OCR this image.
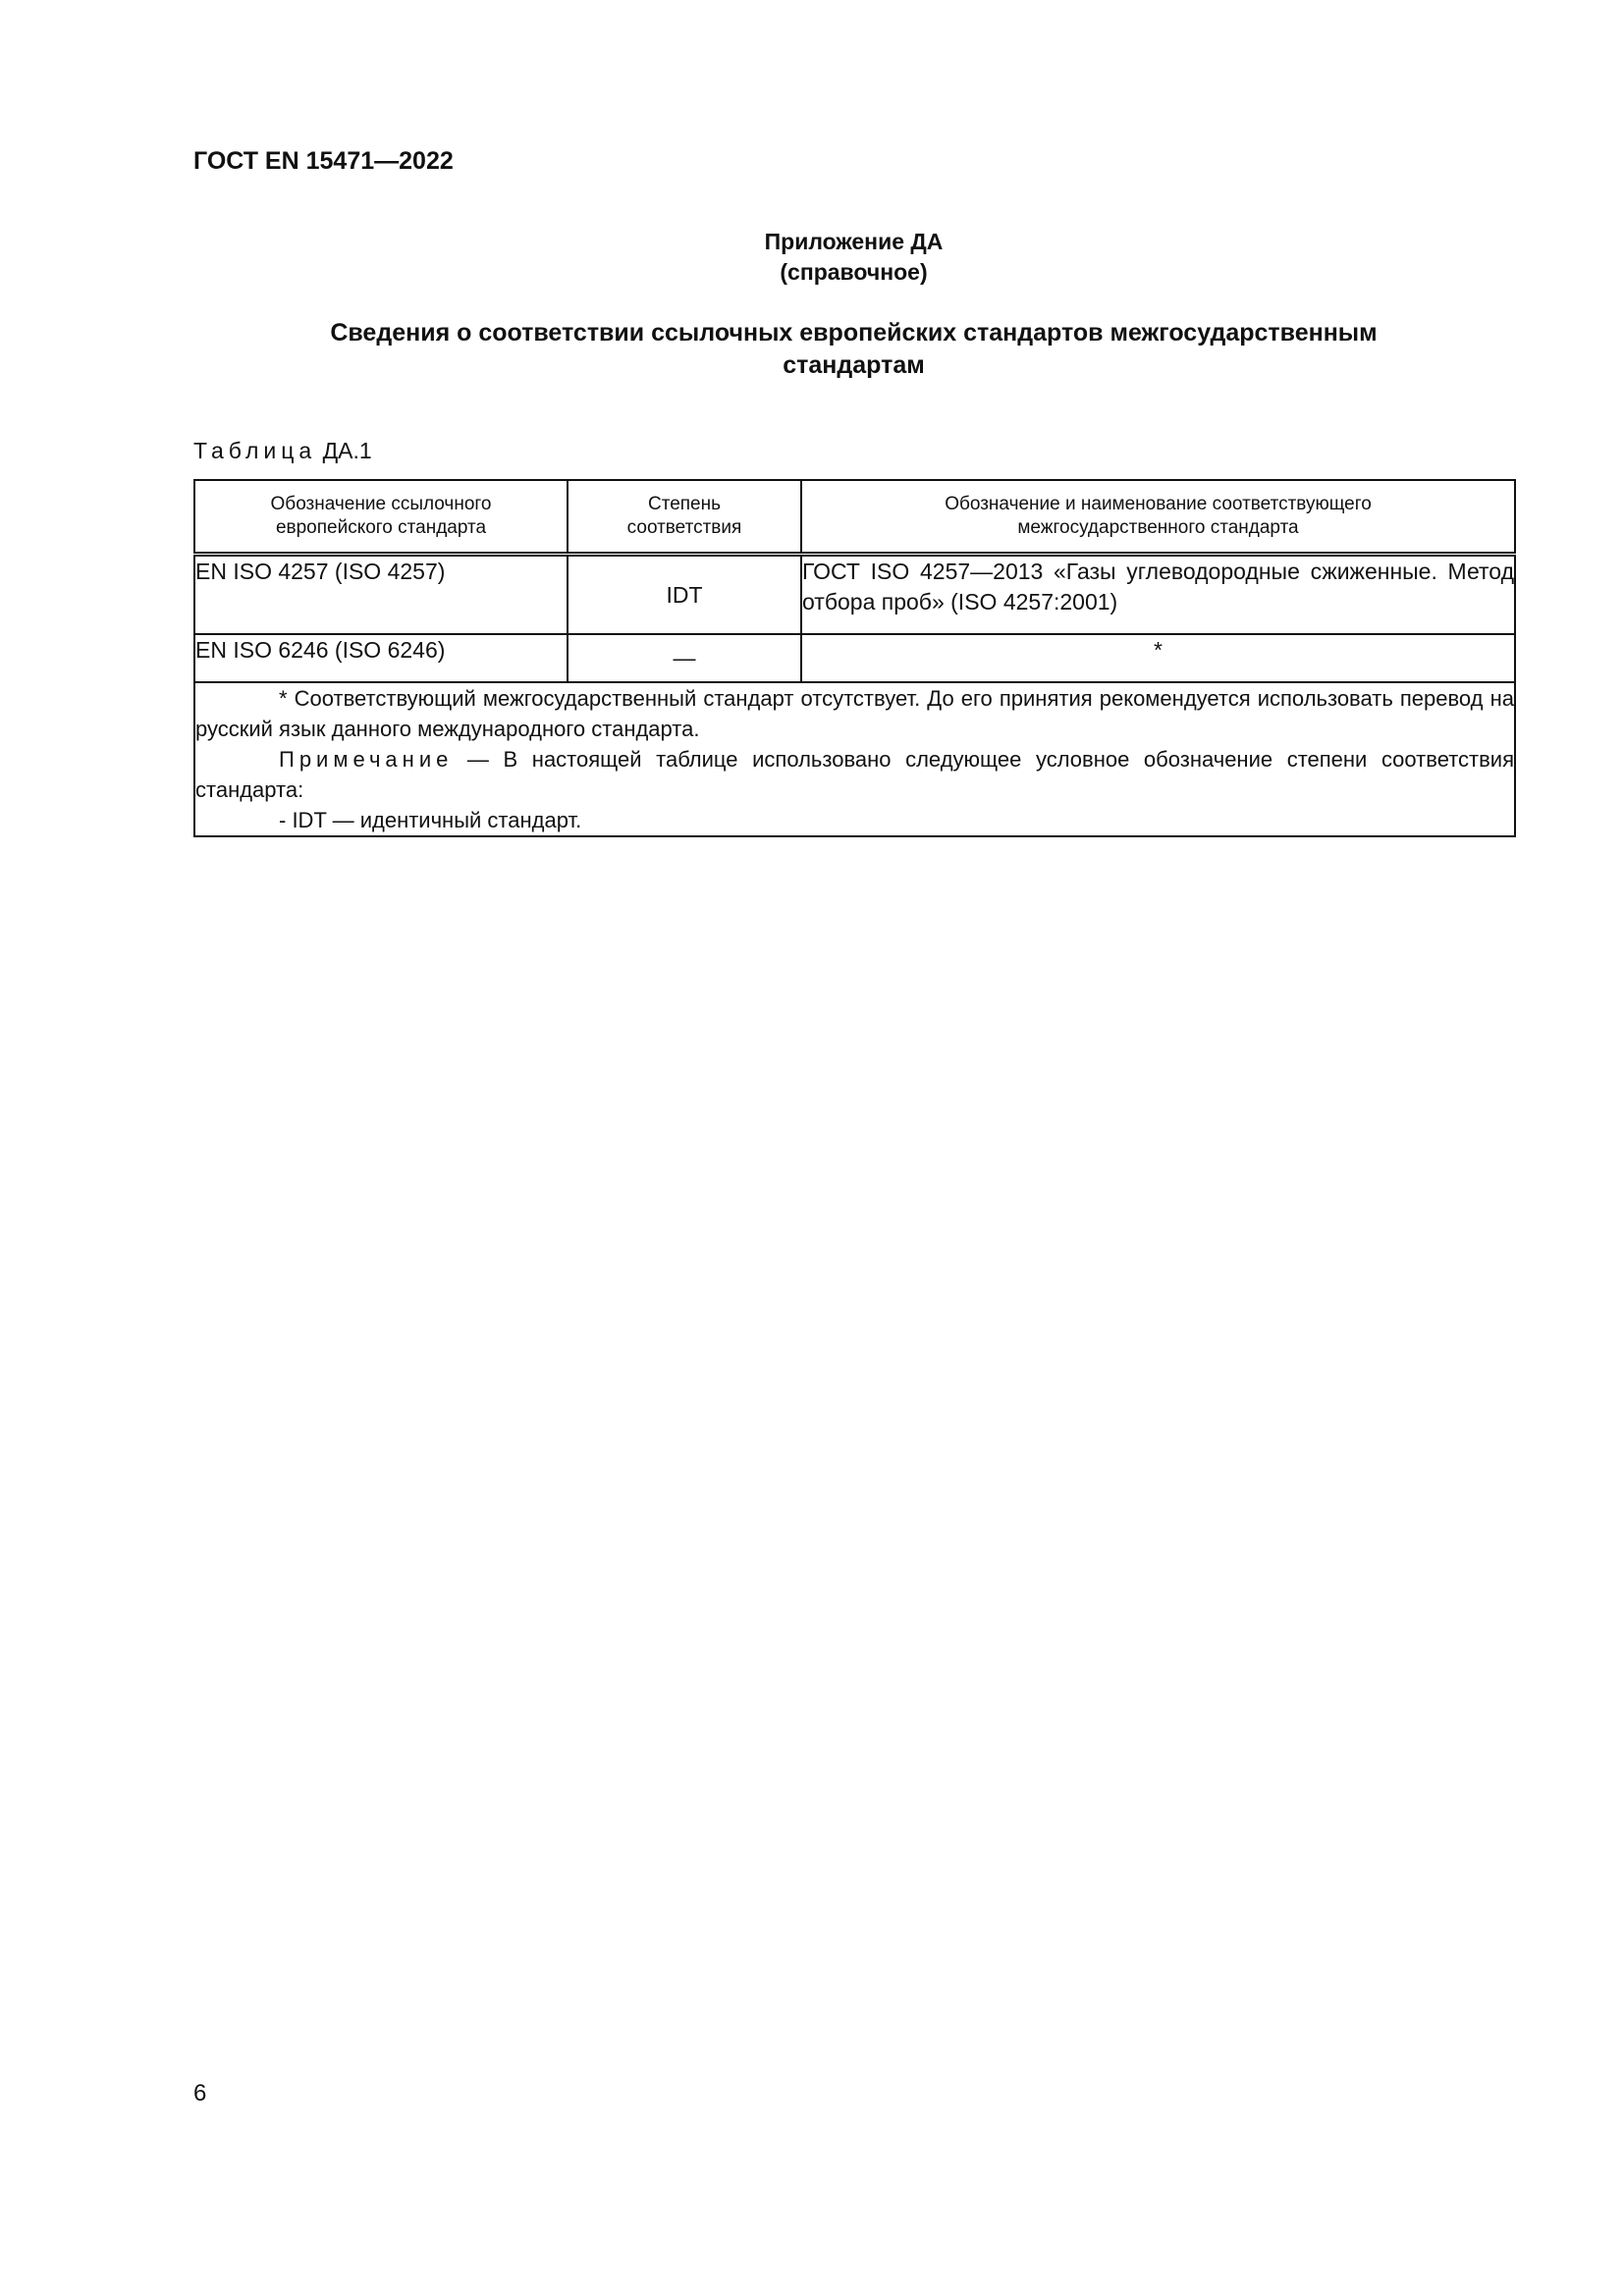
ГОСТ EN 15471—2022
Приложение ДА
(справочное)
Сведения о соответствии ссылочных европейских стандартов межгосударственным
стандартам
Таблица ДА.1
Обозначение ссылочного европейского стандарта	Степень соответствия	Обозначение и наименование соответствующего межгосударственного стандарта
EN ISO 4257 (ISO 4257)	IDT	ГОСТ ISO 4257—2013 «Газы углеводородные сжиженные. Метод отбора проб» (ISO 4257:2001)
EN ISO 6246 (ISO 6246)	—	*

* Соответствующий межгосударственный стандарт отсутствует. До его принятия рекомендуется использовать перевод на русский язык данного международного стандарта.
Примечание — В настоящей таблице использовано следующее условное обозначение степени соответствия стандарта:
- IDT — идентичный стандарт.		
6
